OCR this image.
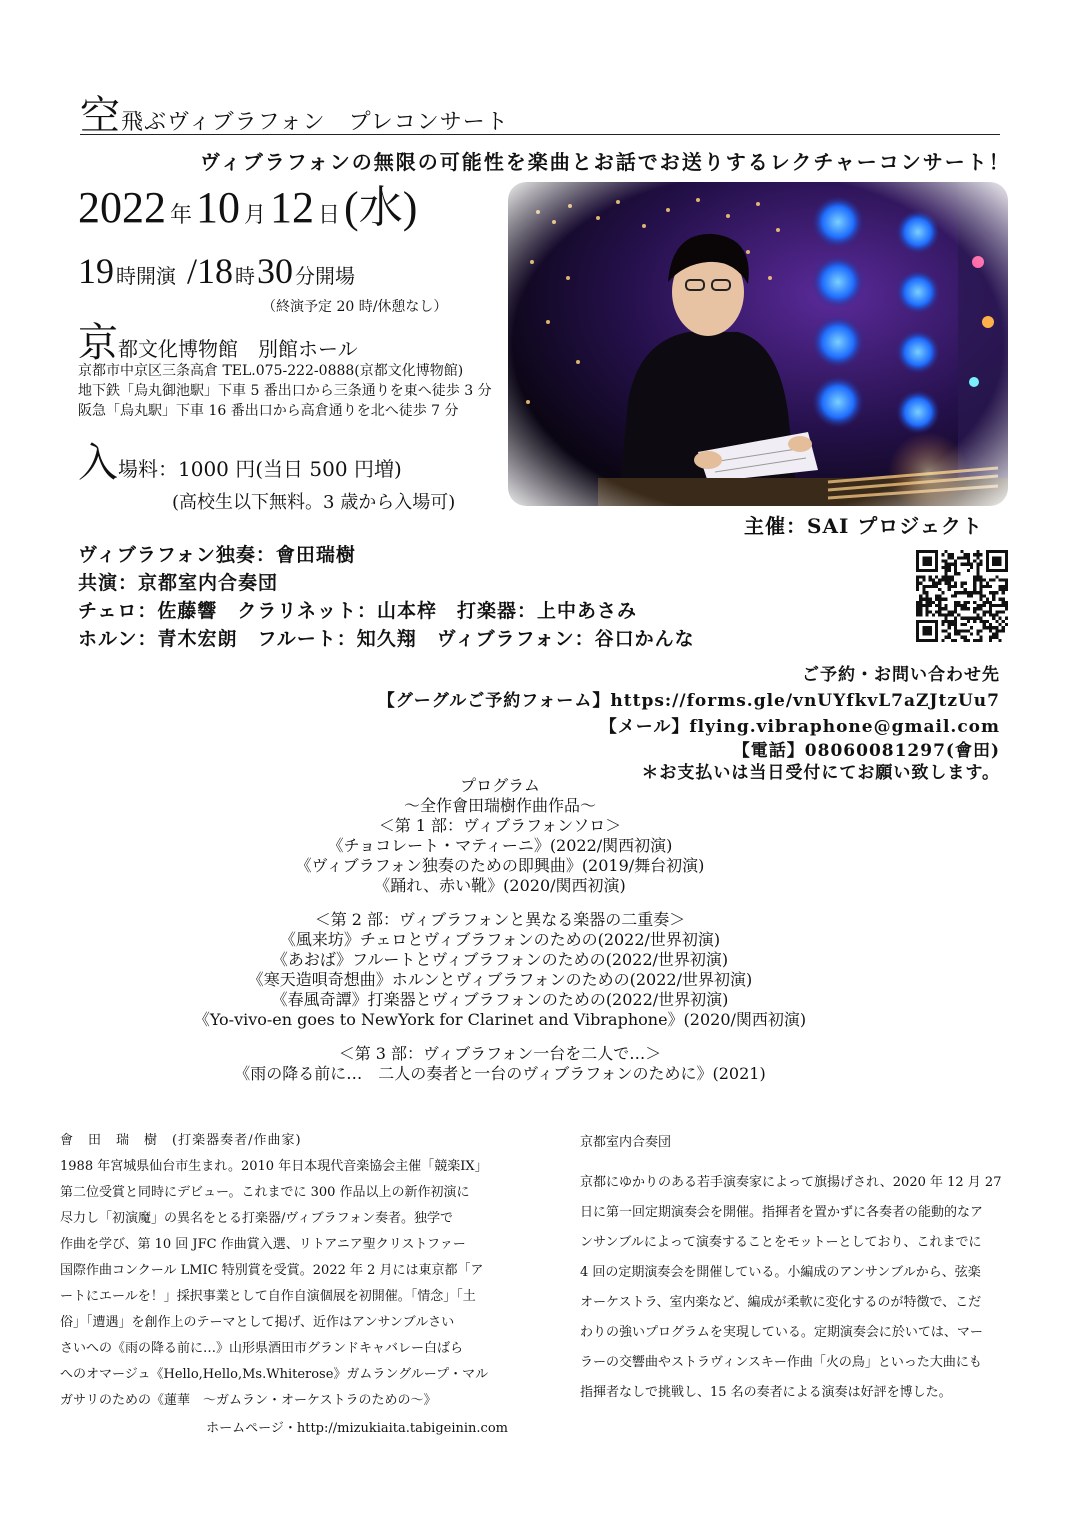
空飛ぶヴィブラフォン　プレコンサート
ヴィブラフォンの無限の可能性を楽曲とお話でお送りするレクチャーコンサート！
2022 年10 月12 日(水)
19 時開演 /18 時30 分開場
（終演予定 20 時/休憩なし）
京都文化博物館　別館ホール
京都市中京区三条高倉 TEL.075-222-0888(京都文化博物館)
地下鉄「烏丸御池駅」下車 5 番出口から三条通りを東へ徒歩 3 分
阪急「烏丸駅」下車 16 番出口から高倉通りを北へ徒歩 7 分
入場料：1000 円(当日 500 円増)
(高校生以下無料。3 歳から入場可)
主催：SAI プロジェクト
ヴィブラフォン独奏：會田瑞樹
共演：京都室内合奏団
チェロ：佐藤響　クラリネット：山本梓　打楽器：上中あさみ
ホルン：青木宏朗　フルート：知久翔　ヴィブラフォン：谷口かんな
ご予約・お問い合わせ先
【グーグルご予約フォーム】https://forms.gle/vnUYfkvL7aZJtzUu7
【メール】flying.vibraphone@gmail.com
【電話】08060081297(會田)
＊お支払いは当日受付にてお願い致します。
プログラム
〜全作會田瑞樹作曲作品〜
＜第 1 部：ヴィブラフォンソロ＞
《チョコレート・マティーニ》(2022/関西初演)
《ヴィブラフォン独奏のための即興曲》(2019/舞台初演)
《踊れ、赤い靴》(2020/関西初演)
＜第 2 部：ヴィブラフォンと異なる楽器の二重奏＞
《風来坊》チェロとヴィブラフォンのための(2022/世界初演)
《あおば》フルートとヴィブラフォンのための(2022/世界初演)
《寒天造唄奇想曲》ホルンとヴィブラフォンのための(2022/世界初演)
《春風奇譚》打楽器とヴィブラフォンのための(2022/世界初演)
《Yo-vivo-en goes to NewYork for Clarinet and Vibraphone》(2020/関西初演)
＜第 3 部：ヴィブラフォン一台を二人で…＞
《雨の降る前に…　二人の奏者と一台のヴィブラフォンのために》(2021)
會　田　瑞　樹　(打楽器奏者/作曲家)
1988 年宮城県仙台市生まれ。2010 年日本現代音楽協会主催「競楽IX」
第二位受賞と同時にデビュー。これまでに 300 作品以上の新作初演に
尽力し「初演魔」の異名をとる打楽器/ヴィブラフォン奏者。独学で
作曲を学び、第 10 回 JFC 作曲賞入選、リトアニア聖クリストファー
国際作曲コンクール LMIC 特別賞を受賞。2022 年 2 月には東京都「ア
ートにエールを！」採択事業として自作自演個展を初開催。「情念」「土
俗」「遭遇」を創作上のテーマとして掲げ、近作はアンサンブルさい
さいへの《雨の降る前に…》山形県酒田市グランドキャバレー白ばら
へのオマージュ《Hello,Hello,Ms.Whiterose》ガムラングループ・マル
ガサリのための《蓮華　〜ガムラン・オーケストラのための〜》
ホームページ・http://mizukiaita.tabigeinin.com
京都室内合奏団
京都にゆかりのある若手演奏家によって旗揚げされ、2020 年 12 月 27
日に第一回定期演奏会を開催。指揮者を置かずに各奏者の能動的なア
ンサンブルによって演奏することをモットーとしており、これまでに
4 回の定期演奏会を開催している。小編成のアンサンブルから、弦楽
オーケストラ、室内楽など、編成が柔軟に変化するのが特徴で、こだ
わりの強いプログラムを実現している。定期演奏会に於いては、マー
ラーの交響曲やストラヴィンスキー作曲「火の鳥」といった大曲にも
指揮者なしで挑戦し、15 名の奏者による演奏は好評を博した。
